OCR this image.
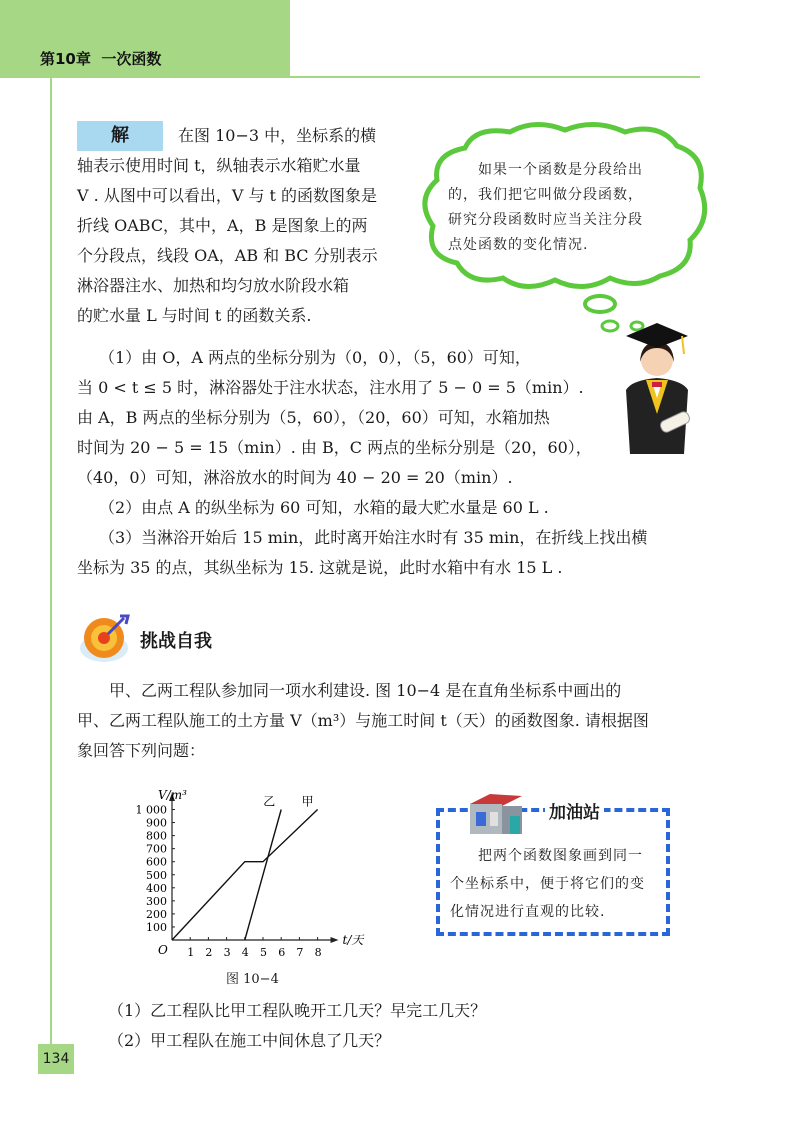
第10章  一次函数
解	在图 10−3 中，坐标系的横
轴表示使用时间 t，纵轴表示水箱贮水量
V . 从图中可以看出，V 与 t 的函数图象是
折线 OABC，其中，A，B 是图象上的两
个分段点，线段 OA，AB 和 BC 分别表示
淋浴器注水、加热和均匀放水阶段水箱
的贮水量 L 与时间 t 的函数关系.
如果一个函数是分段给出
的，我们把它叫做分段函数，
研究分段函数时应当关注分段
点处函数的变化情况.
（1）由 O，A 两点的坐标分别为（0，0），（5，60）可知，
当 0 < t ≤ 5 时，淋浴器处于注水状态，注水用了 5 − 0 = 5（min）.
由 A，B 两点的坐标分别为（5，60），（20，60）可知，水箱加热
时间为 20 − 5 = 15（min）. 由 B，C 两点的坐标分别是（20，60），
（40，0）可知，淋浴放水的时间为 40 − 20 = 20（min）.
（2）由点 A 的纵坐标为 60 可知，水箱的最大贮水量是 60 L .
（3）当淋浴开始后 15 min，此时离开始注水时有 35 min，在折线上找出横
坐标为 35 的点，其纵坐标为 15. 这就是说，此时水箱中有水 15 L .
挑战自我
甲、乙两工程队参加同一项水利建设. 图 10−4 是在直角坐标系中画出的
甲、乙两工程队施工的土方量 V（m³）与施工时间 t（天）的函数图象. 请根据图
象回答下列问题：
t/天
V/m³
O 1 2 3 4 5 6 7 8
100
200
300
400
500
600
700
800
900
1 000
甲
乙
图 10−4
加油站
把两个函数图象画到同一
个坐标系中，便于将它们的变
化情况进行直观的比较.
（1）乙工程队比甲工程队晚开工几天？早完工几天？
（2）甲工程队在施工中间休息了几天？
134
